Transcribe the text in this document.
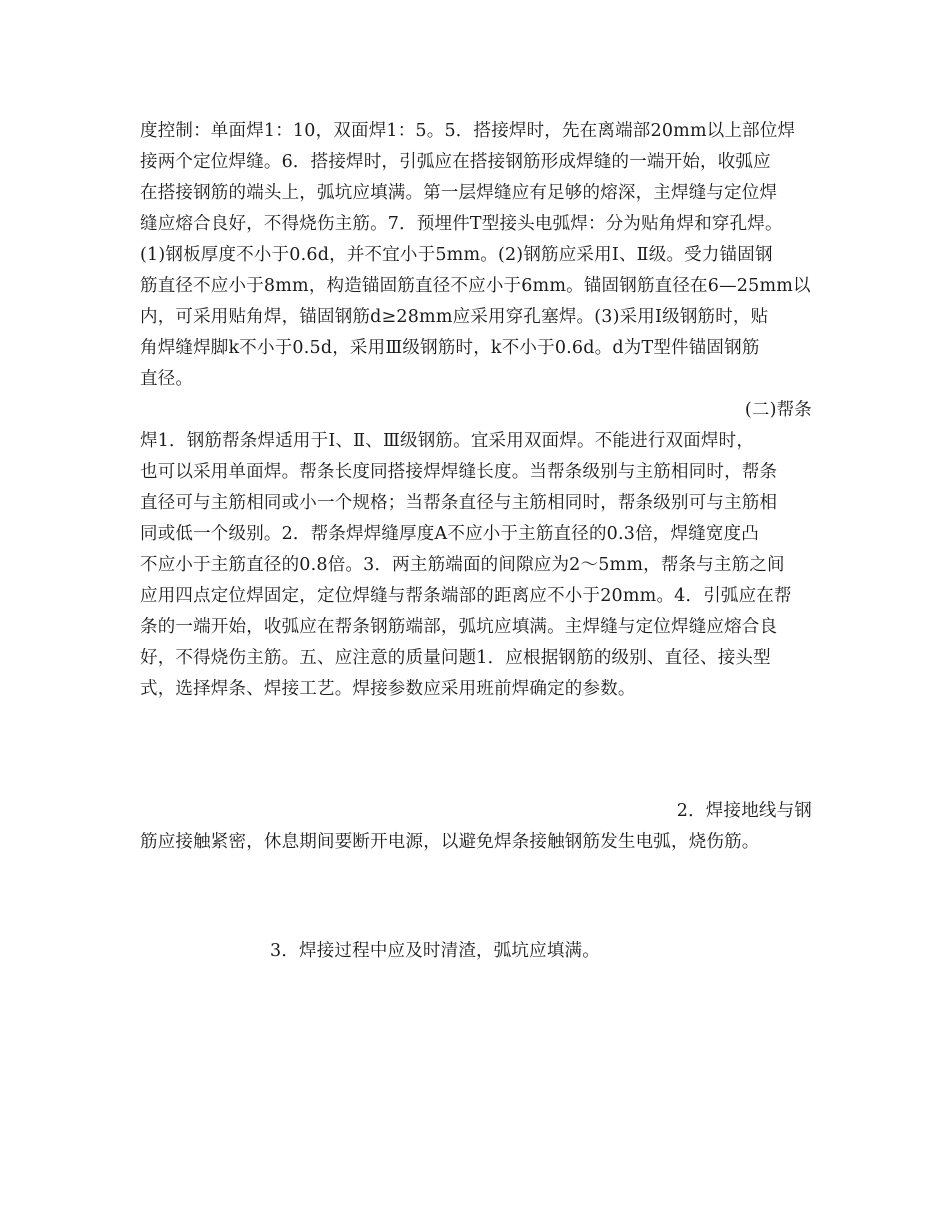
度控制：单面焊1：10，双面焊1：5。5．搭接焊时，先在离端部20mm以上部位焊
接两个定位焊缝。6．搭接焊时，引弧应在搭接钢筋形成焊缝的一端开始，收弧应
在搭接钢筋的端头上，弧坑应填满。第一层焊缝应有足够的熔深，主焊缝与定位焊
缝应熔合良好，不得烧伤主筋。7．预埋件T型接头电弧焊：分为贴角焊和穿孔焊。
(1)钢板厚度不小于0.6d，并不宜小于5mm。(2)钢筋应采用Ⅰ、Ⅱ级。受力锚固钢
筋直径不应小于8mm，构造锚固筋直径不应小于6mm。锚固钢筋直径在6—25mm以
内，可采用贴角焊，锚固钢筋d≥28mm应采用穿孔塞焊。(3)采用Ⅰ级钢筋时，贴
角焊缝焊脚k不小于0.5d，采用Ⅲ级钢筋时，k不小于0.6d。d为T型件锚固钢筋
直径。
(二)帮条
焊1．钢筋帮条焊适用于Ⅰ、Ⅱ、Ⅲ级钢筋。宜采用双面焊。不能进行双面焊时，
也可以采用单面焊。帮条长度同搭接焊焊缝长度。当帮条级别与主筋相同时，帮条
直径可与主筋相同或小一个规格；当帮条直径与主筋相同时，帮条级别可与主筋相
同或低一个级别。2．帮条焊焊缝厚度A不应小于主筋直径的0.3倍，焊缝宽度凸
不应小于主筋直径的0.8倍。3．两主筋端面的间隙应为2～5mm，帮条与主筋之间
应用四点定位焊固定，定位焊缝与帮条端部的距离应不小于20mm。4．引弧应在帮
条的一端开始，收弧应在帮条钢筋端部，弧坑应填满。主焊缝与定位焊缝应熔合良
好，不得烧伤主筋。五、应注意的质量问题1．应根据钢筋的级别、直径、接头型
式，选择焊条、焊接工艺。焊接参数应采用班前焊确定的参数。
2．焊接地线与钢
筋应接触紧密，休息期间要断开电源，以避免焊条接触钢筋发生电弧，烧伤筋。
3．焊接过程中应及时清渣，弧坑应填满。
